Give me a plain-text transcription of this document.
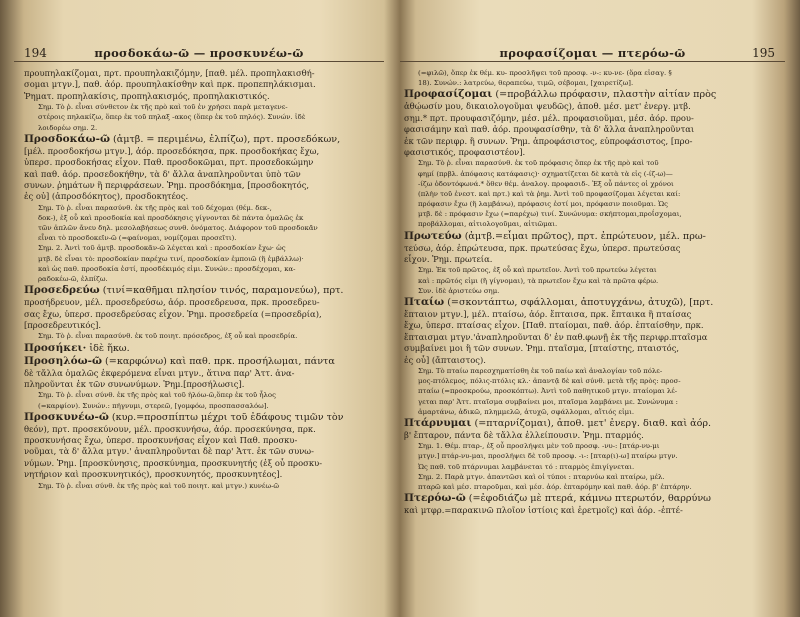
194	προσδοκάω-ῶ — προσκυνέω-ῶ
προυπηλακίζομαι, πρτ. προυπηλακιζόμην, [παθ. μέλ. προπηλακισθή-
σομαι μτγν.], παθ. ἀόρ. προυπηλακίσθην καὶ πρκ. προπεπηλάκισμαι.
Ῥηματ. προπηλακίσις, προπηλακισμός, προπηλακιστικός.
Σημ. Τὸ ῥ. εἶναι σύνθετον ἐκ τῆς πρὸ καὶ τοῦ ἐν χρήσει παρὰ μεταγενε-
στέροις πηλακίζω, ὅπερ ἐκ τοῦ πηλαξ -ακος (ὅπερ ἐκ τοῦ πηλός). Συνών. ἰδὲ
λοιδορέω σημ. 2.
Προσδοκάω-ῶ (ἀμτβ. = περιμένω, ἐλπίζω), πρτ. προσεδόκων,
[μέλ. προσδοκήσω μτγν.], ἀόρ. προσεδόκησα, πρκ. προσδοκήκας ἔχω,
ὑπερσ. προσδοκήσας εἶχον. Παθ. προσδοκῶμαι, πρτ. προσεδοκώμην
καὶ παθ. ἀόρ. προσεδοκήθην, τὰ δ' ἄλλα ἀναπληροῦνται ὑπὸ τῶν
συνων. ῥημάτων ἢ περιφράσεων. Ῥημ. προσδόκημα, [προσδοκητός,
ἐς οὐ] (ἀπροσδόκητος), προσδοκητέος.
Σημ. Τὸ ῥ. εἶναι παρασύνθ. ἐκ τῆς πρὸς καὶ τοῦ δέχομαι (θέμ. δεκ-,
δοκ-), ἐξ οὗ καὶ προσδοκία καὶ προσδόκησις γίγνονται δὲ πάντα ὁμαλῶς ἐκ
τῶν ἀπλῶν ἄνευ δηλ. μεσολαβήσεως συνθ. ὀνόματος. Διάφορον τοῦ προσδοκᾶν
εἶναι τὸ προσδοκεῖν-ῶ (=φαίνομαι, νομίζομαι προσεῖτι).
Σημ. 2. Ἀντὶ τοῦ ἀμτβ. προσδοκᾶν-ῶ λέγεται καὶ : προσδοκίαν ἔχω· ὡς
μτβ. δὲ εἶναι τὸ: προσδοκίαν παρέχω τινί, προσδοκίαν ἐμποιῶ (ἢ ἐμβάλλω)·
καὶ ὡς παθ. προσδοκία ἐστί, προσδέκιμός εἰμι. Συνών.: προσδέχομαι, κα-
ραδοκέω-ῶ, ἐλπίζω.
Προσεδρεύω (τινί=καθῆμαι πλησίον τινός, παραμονεύω), πρτ.
προσήδρευον, μέλ. προσεδρεύσω, ἀόρ. προσεδρευσα, πρκ. προσεδρευ-
σας ἔχω, ὑπερσ. προσεδρεύσας εἶχον. Ῥημ. προσεδρεία (=προσεδρία),
[προσεδρευτικός].
Σημ. Τὸ ῥ. εἶναι παρασύνθ. ἐκ τοῦ ποιητ. πρόσεδρος, ἐξ οὗ καὶ προσεδρία.
Προσήκει· ἰδὲ ἥκω.
Προσηλόω-ῶ (=καρφώνω) καὶ παθ. πρκ. προσήλωμαι, πάντα
δὲ τἄλλα ὁμαλῶς ἐκφερόμενα εἶναι μτγν., ἅτινα παρ' Ἀττ. ἀνα-
πληροῦνται ἐκ τῶν συνωνύμων. Ῥημ.[προσήλωσις].
Σημ. Τὸ ῥ. εἶναι σύνθ. ἐκ τῆς πρὸς καὶ τοῦ ἡλόω-ῶ,ὅπερ ἐκ τοῦ ἧλος
(=καρφίον). Συνών.: πήγνυμι, στερεῶ, [γομφόω, προσπασσαλόω].
Προσκυνέω-ῶ (κυρ.=προσπίπτω μέχρι τοῦ ἐδάφους τιμῶν τὸν
θεόν), πρτ. προσεκύνουν, μέλ. προσκυνήσω, ἀόρ. προσεκύνησα, πρκ.
προσκυνήσας ἔχω, ὑπερσ. προσκυνήσας εἶχον καὶ Παθ. προσκυ-
νοῦμαι, τὰ δ' ἄλλα μτγν.' ἀναπληροῦνται δὲ παρ' Ἀττ. ἐκ τῶν συνω-
νύμων. Ῥημ. [προσκύνησις, προσκύνημα, προσκυνητής (ἐξ οὗ προσκυ-
νητήριον καὶ προσκυνητικός), προσκυνητός, προσκυνητέος].
Σημ. Τὸ ῥ. εἶναι σύνθ. ἐκ τῆς πρὸς καὶ τοῦ ποιητ. καὶ μτγν.) κυνέω-ῶ
195
προφασίζομαι — πτερόω-ῶ
(=φιλῶ), ὅπερ ἐκ θέμ. κυ- προσλῆψει τοῦ προσφ. -ν-: κυ-νε- (ὅρα εἰσαγ. §
18). Συνών.: λατρεύω, θεραπεύω, τιμῶ, σέβομαι, [χαιρετίζω].
Προφασίζομαι (=προβάλλω πρόφασιν, πλαστὴν αἰτίαν πρὸς
ἀθῴωσίν μου, δικαιολογοῦμαι ψευδῶς), ἀποθ. μέσ. μετ' ἐνεργ. μτβ.
σημ.* πρτ. προυφασιζόμην, μέσ. μέλ. προφασιοῦμαι, μέσ. ἀόρ. πρου-
φασισάμην καὶ παθ. ἀόρ. προυφασίσθην, τὰ δ' ἄλλα ἀναπληροῦνται
ἐκ τῶν περιφρ. ἢ συνων. Ῥημ. ἀπροφάσιστος, εὐπροφάσιστος, [προ-
φασιστικός, προφασιστέον].
Σημ. Τὸ ῥ. εἶναι παρασύνθ. ἐκ τοῦ πρόφασις ὅπερ ἐκ τῆς πρὸ καὶ τοῦ
φημί (πρβλ. ἀπόφασις κατάφασις)· σχηματίζεται δὲ κατὰ τὰ εἰς (-ίζ-ω)—
-ίζω ὀδοντόφωνά.* ὅθεν θέμ. ἀναλογ. προφασιδ-. Ἐξ οὗ πάντες οἱ χρόνοι
(πλὴν τοῦ ἐνεστ. καὶ πρτ.) καὶ τὰ ῥημ. Ἀντὶ τοῦ προφασίζομαι λέγεται καί:
πρόφασιν ἔχω (ἢ λαμβάνω), πρόφασις ἐστί μοι, πρόφασιν ποιοῦμαι. Ὡς
μτβ. δὲ : πρόφασιν ἔχω (=παρέχω) τινί. Συνώνυμα: σκήπτομαι,προΐσχομαι,
προβάλλομαι, αἰτιολογοῦμαι, αἰτιῶμαι.
Πρωτεύω (ἀμτβ.=εἶμαι πρῶτος), πρτ. ἐπρώτευον, μέλ. πρω-
τεύσω, ἀόρ. ἐπρώτευσα, πρκ. πρωτεύσας ἔχω, ὑπερσ. πρωτεύσας
εἶχον. Ῥημ. πρωτεία.
Σημ. Ἐκ τοῦ πρῶτος, ἐξ οὗ καὶ πρωτεῖον. Ἀντὶ τοῦ πρωτεύω λέγεται
καὶ : πρῶτός εἰμι (ἢ γίγνομαι), τὰ πρωτεῖον ἔχω καὶ τὰ πρῶτα φέρω.
Συν. ἰδὲ ἀριστεύω σημ.
Πταίω (=σκοντάπτω, σφάλλομαι, ἀποτυγχάνω, ἀτυχῶ), [πρτ.
ἔπταιον μτγν.], μέλ. πταίσω, ἀόρ. ἔπταισα, πρκ. ἔπταικα ἢ πταίσας
ἔχω, ὑπερσ. πταίσας εἶχον. [Παθ. πταίομαι, παθ. ἀόρ. ἐπταίσθην, πρκ.
ἔπταισμαι μτγν.'ἀναπληροῦνται δ' ἐν παθ.φωνῇ ἐκ τῆς περιφρ.πταῖσμα
συμβαίνει μοι ἢ τῶν συνων. Ῥημ. πταῖσμα, [πταίστης, πταιστός,
ἐς οὗ] (ἄπταιστος).
Σημ. Τὸ πταίω παρεσχηματίσθη ἐκ τοῦ παίω καὶ ἀναλογίαν τοῦ πόλε-
μος-πτόλεμος, πόλις-πτόλις κλ.· ἀπαντᾷ δὲ καὶ σύνθ. μετὰ τῆς πρὸς: προσ-
πταίω (=προσκρούω, προσκόπτω). Ἀντὶ τοῦ παθητικοῦ μτγν. πταίομαι λέ-
γεται παρ' Ἀττ. πταῖσμα συμβαίνει μοι, πταῖσμα λαμβάνει με. Συνώνυμα :
ἁμαρτάνω, ἀδικῶ, πλημμελῶ, ἀτυχῶ, σφάλλομαι, αἴτιός εἰμι.
Πτάρνυμαι (=πταρνίζομαι), ἀποθ. μετ' ἐνεργ. διαθ. καὶ ἀόρ.
β' ἔπταρον, πάντα δὲ τἄλλα ἐλλείπουσιν. Ῥημ. πταρμός.
Σημ. 1. Θέμ. πταρ-, ἐξ οὗ προσλήψει μὲν τοῦ προσφ. -νυ-: [πτάρ-νυ-μι
μτγν.] πτάρ-νυ-μαι, προσλήψει δὲ τοῦ προσφ. -ι-: [πταρ(ι)-ω] πταίρω μτγν.
Ὡς παθ. τοῦ πτάρνυμαι λαμβάνεται τό : πταρμὸς ἐπιγίγνεται.
Σημ. 2. Παρὰ μτγν. ἀπαντῶσι καὶ οἱ τύποι : πταρνύω καὶ πταίρω, μέλ.
πταρῶ καὶ μέσ. πταροῦμαι, καὶ μέσ. ἀόρ. ἐπταρόμην καὶ παθ. ἀόρ. β' ἐπτάρην.
Πτερόω-ῶ (=ἐφοδιάζω μὲ πτερά, κάμνω πτερωτόν, θαρρύνω
καὶ μτφρ.=παρακινῶ πλοῖον ἱστίοις καὶ ἐρετμοῖς) καὶ ἀόρ. -ἐπτέ-
